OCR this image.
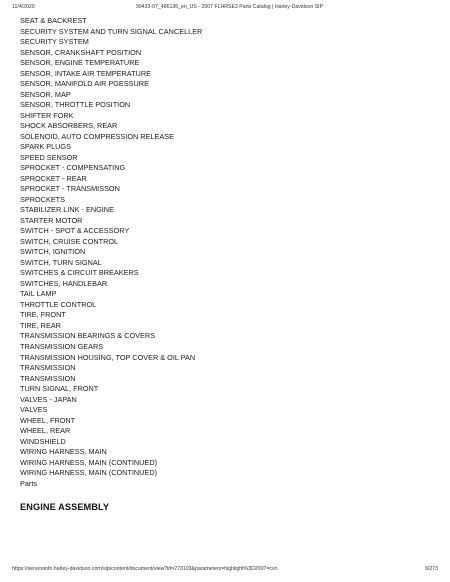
11/4/2020	99433-07_486136_en_US - 2007 FLHRSE3 Parts Catalog | Harley-Davidson SIP
SEAT & BACKREST
SECURITY SYSTEM AND TURN SIGNAL CANCELLER
SECURITY SYSTEM
SENSOR, CRANKSHAFT POSITION
SENSOR, ENGINE TEMPERATURE
SENSOR, INTAKE AIR TEMPERATURE
SENSOR, MANIFOLD AIR PGESSURE
SENSOR, MAP
SENSOR, THROTTLE POSITION
SHIFTER FORK
SHOCK ABSORBERS, REAR
SOLENOID, AUTO COMPRESSION RELEASE
SPARK PLUGS
SPEED SENSOR
SPROCKET - COMPENSATING
SPROCKET - REAR
SPROCKET - TRANSMISSON
SPROCKETS
STABILIZER LINK - ENGINE
STARTER MOTOR
SWITCH - SPOT & ACCESSORY
SWITCH, CRUISE CONTROL
SWITCH, IGNITION
SWITCH, TURN SIGNAL
SWITCHES & CIRCUIT BREAKERS
SWITCHES, HANDLEBAR
TAIL LAMP
THROTTLE CONTROL
TIRE, FRONT
TIRE, REAR
TRANSMISSION BEARINGS & COVERS
TRANSMISSION GEARS
TRANSMISSION HOUSING, TOP COVER & OIL PAN
TRANSMISSION
TRANSMISSION
TURN SIGNAL, FRONT
VALVES - JAPAN
VALVES
WHEEL, FRONT
WHEEL, REAR
WINDSHIELD
WIRING HARNESS, MAIN
WIRING HARNESS, MAIN (CONTINUED)
WIRING HARNESS, MAIN (CONTINUED)
Parts
ENGINE ASSEMBLY
https://serviceinfo.harley-davidson.com/sip/content/document/view?id=273103&parameters=highlight%3D2007=cvo	9/273
